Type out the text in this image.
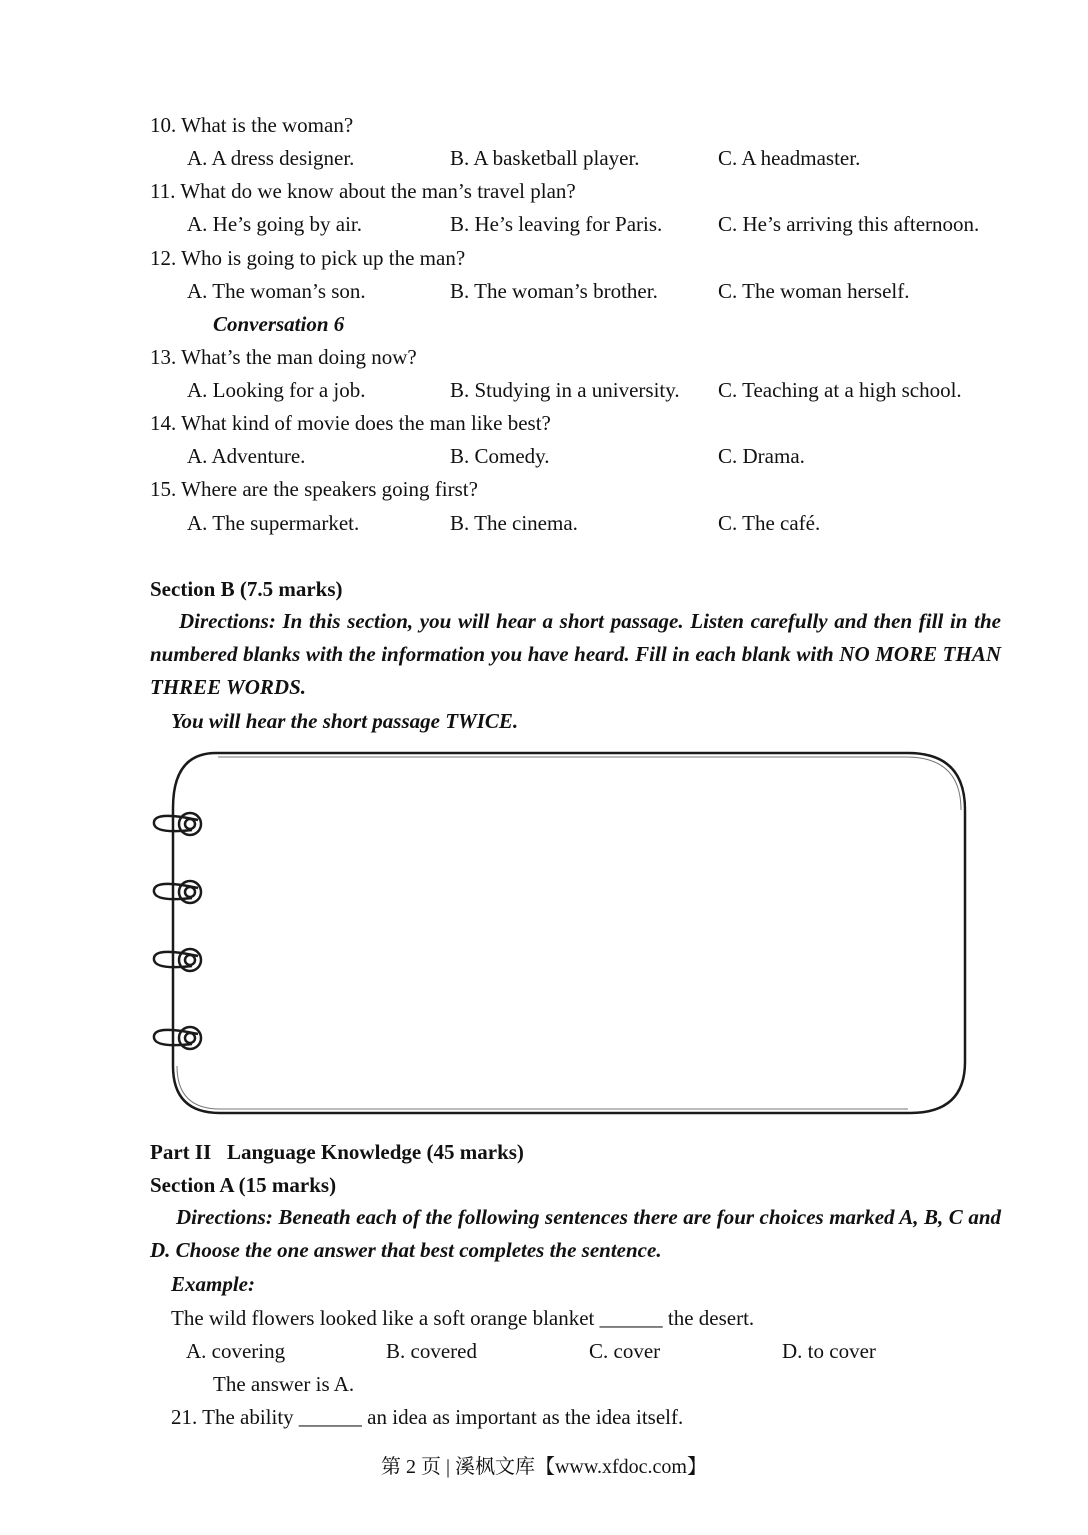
10. What is the woman?
A. A dress designer.	B. A basketball player.	C. A headmaster.
11. What do we know about the man’s travel plan?
A. He’s going by air.	B. He’s leaving for Paris.	C. He’s arriving this afternoon.
12. Who is going to pick up the man?
A. The woman’s son.	B. The woman’s brother.	C. The woman herself.
Conversation 6
13. What’s the man doing now?
A. Looking for a job.	B. Studying in a university. C. Teaching at a high school.
14. What kind of movie does the man like best?
A. Adventure.	B. Comedy.	C. Drama.
15. Where are the speakers going first?
A. The supermarket.	B. The cinema.	C. The café.
Section B (7.5 marks)
Directions: In this section, you will hear a short passage. Listen carefully and then fill in the numbered blanks with the information you have heard. Fill in each blank with NO MORE THAN THREE WORDS.
You will hear the short passage TWICE.
Part II   Language Knowledge (45 marks)
Section A (15 marks)
Directions: Beneath each of the following sentences there are four choices marked A, B, C and D. Choose the one answer that best completes the sentence.
Example:
The wild flowers looked like a soft orange blanket ______ the desert.
A. covering	B. covered	C. cover	D. to cover
The answer is A.
21. The ability ______ an idea as important as the idea itself.
第 2 页 | 溪枫文库【www.xfdoc.com】
